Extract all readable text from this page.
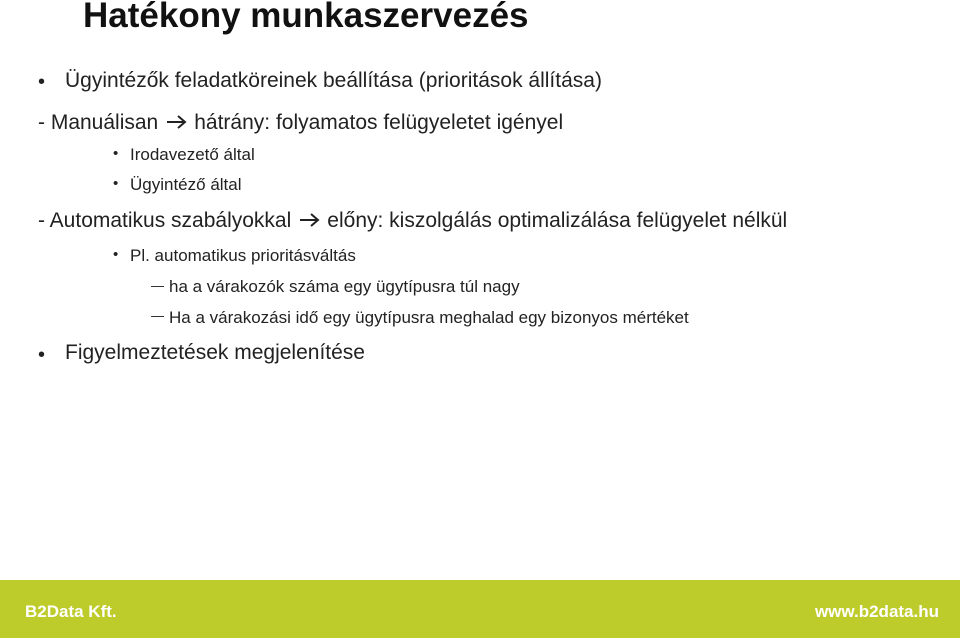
Hatékony munkaszervezés
• Ügyintézők feladatköreinek beállítása (prioritások állítása)
- Manuálisan hátrány: folyamatos felügyeletet igényel
• Irodavezető által
• Ügyintéző által
- Automatikus szabályokkal előny: kiszolgálás optimalizálása felügyelet nélkül
• Pl. automatikus prioritásváltás
ha a várakozók száma egy ügytípusra túl nagy
Ha a várakozási idő egy ügytípusra meghalad egy bizonyos mértéket
• Figyelmeztetések megjelenítése
B2Data Kft.	www.b2data.hu
